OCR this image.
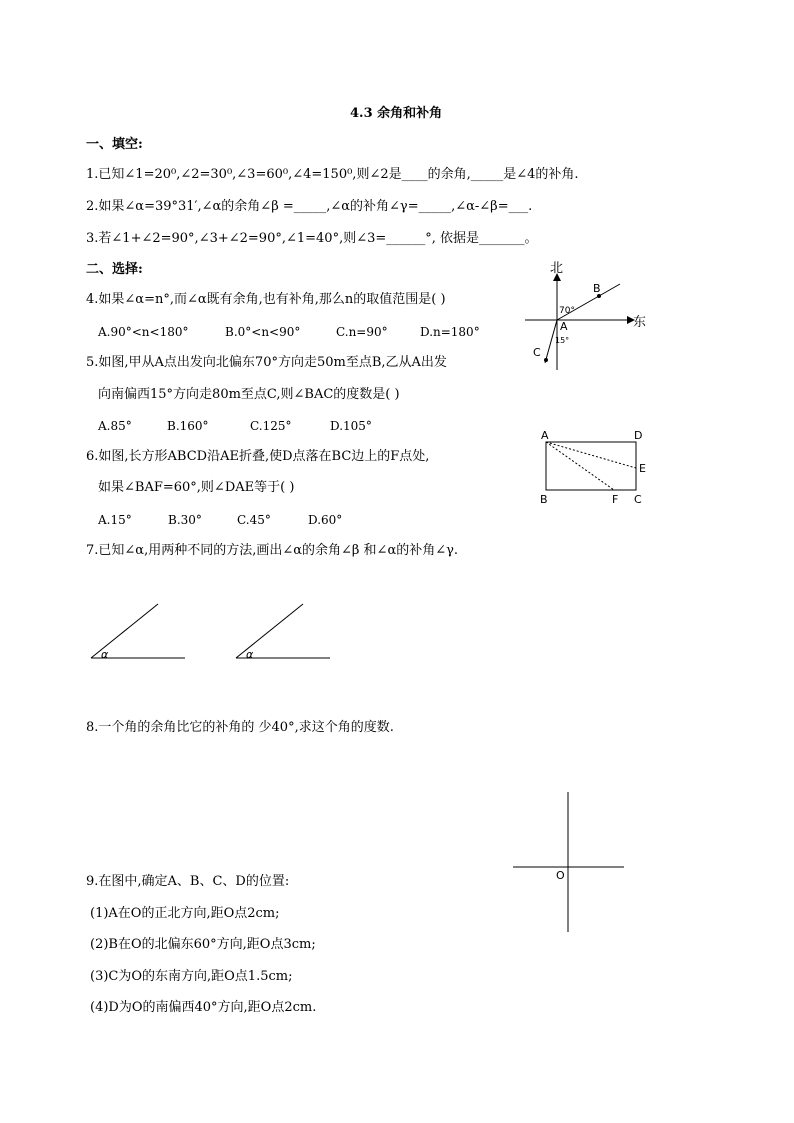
4.3 余角和补角
一、填空:
1.已知∠1=20⁰,∠2=30⁰,∠3=60⁰,∠4=150⁰,则∠2是____的余角,_____是∠4的补角.
2.如果∠α=39°31′,∠α的余角∠β =_____,∠α的补角∠γ=_____,∠α-∠β=___.
3.若∠1+∠2=90°,∠3+∠2=90°,∠1=40°,则∠3=______°, 依据是_______。
二、选择:
4.如果∠α=n°,而∠α既有余角,也有补角,那么n的取值范围是( )
A.90°<n<180°	B.0°<n<90°	C.n=90°	D.n=180°
5.如图,甲从A点出发向北偏东70°方向走50m至点B,乙从A出发
向南偏西15°方向走80m至点C,则∠BAC的度数是( )
A.85°	B.160°	C.125°	D.105°
6.如图,长方形ABCD沿AE折叠,使D点落在BC边上的F点处,
如果∠BAF=60°,则∠DAE等于( )
A.15°	B.30°	C.45°	D.60°
7.已知∠α,用两种不同的方法,画出∠α的余角∠β 和∠α的补角∠γ.
α	α
8.一个角的余角比它的补角的 少40°,求这个角的度数.
9.在图中,确定A、B、C、D的位置:
(1)A在O的正北方向,距O点2cm;
(2)B在O的北偏东60°方向,距O点3cm;
(3)C为O的东南方向,距O点1.5cm;
(4)D为O的南偏西40°方向,距O点2cm.
北
东
B
A
C
70°
15°
A	D
E
B	F C
O
